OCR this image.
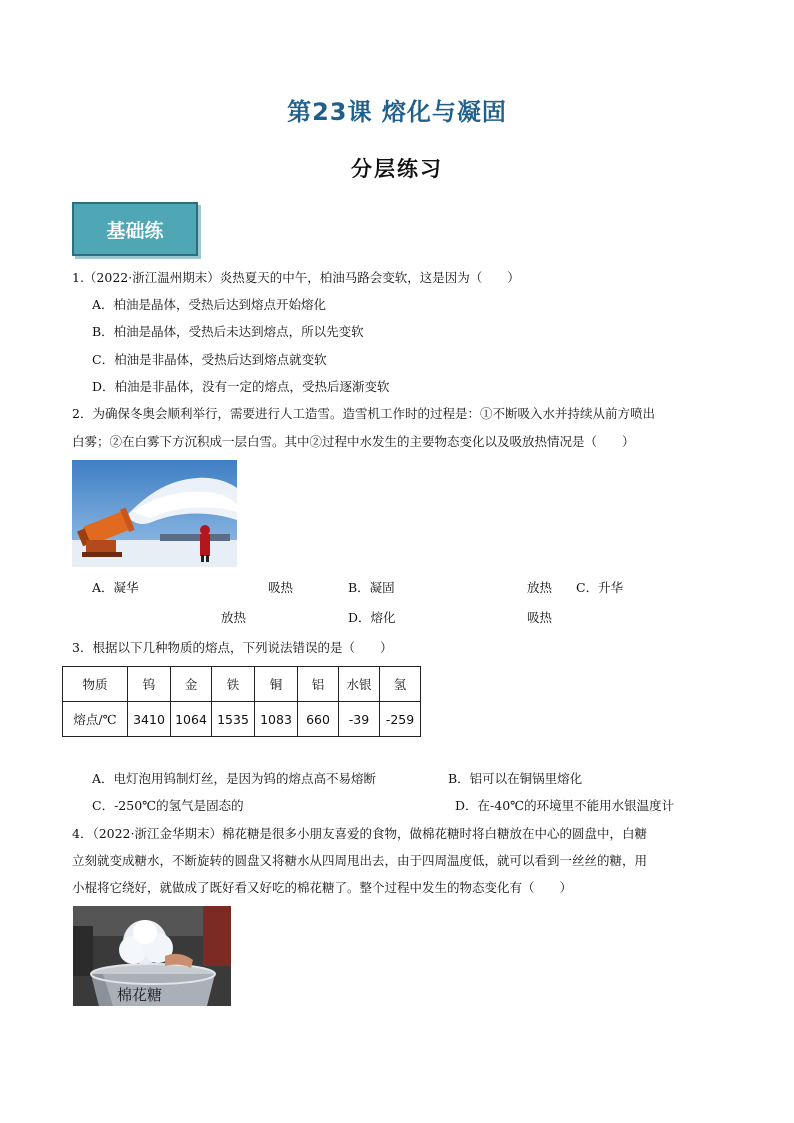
第23课 熔化与凝固
分层练习
基础练
1.（2022·浙江温州期末）炎热夏天的中午，柏油马路会变软，这是因为（　　）
A．柏油是晶体，受热后达到熔点开始熔化
B．柏油是晶体，受热后未达到熔点，所以先变软
C．柏油是非晶体，受热后达到熔点就变软
D．柏油是非晶体，没有一定的熔点，受热后逐渐变软
2．为确保冬奥会顺利举行，需要进行人工造雪。造雪机工作时的过程是：①不断吸入水并持续从前方喷出
白雾；②在白雾下方沉积成一层白雪。其中②过程中水发生的主要物态变化以及吸放热情况是（　　）
A．凝华	吸热	B．凝固	放热 C．升华
放热	D．熔化	吸热
3．根据以下几种物质的熔点，下列说法错误的是（　　）
物质	钨	金	铁	铜	铝	水银	氢
熔点/℃	3410	1064	1535	1083	660	-39	-259
A．电灯泡用钨制灯丝，是因为钨的熔点高不易熔断	B．铝可以在铜锅里熔化
C．-250℃的氢气是固态的	D．在-40℃的环境里不能用水银温度计
4．（2022·浙江金华期末）棉花糖是很多小朋友喜爱的食物，做棉花糖时将白糖放在中心的圆盘中，白糖
立刻就变成糖水，不断旋转的圆盘又将糖水从四周甩出去，由于四周温度低，就可以看到一丝丝的糖，用
小棍将它绕好，就做成了既好看又好吃的棉花糖了。整个过程中发生的物态变化有（　　）
棉花糖
